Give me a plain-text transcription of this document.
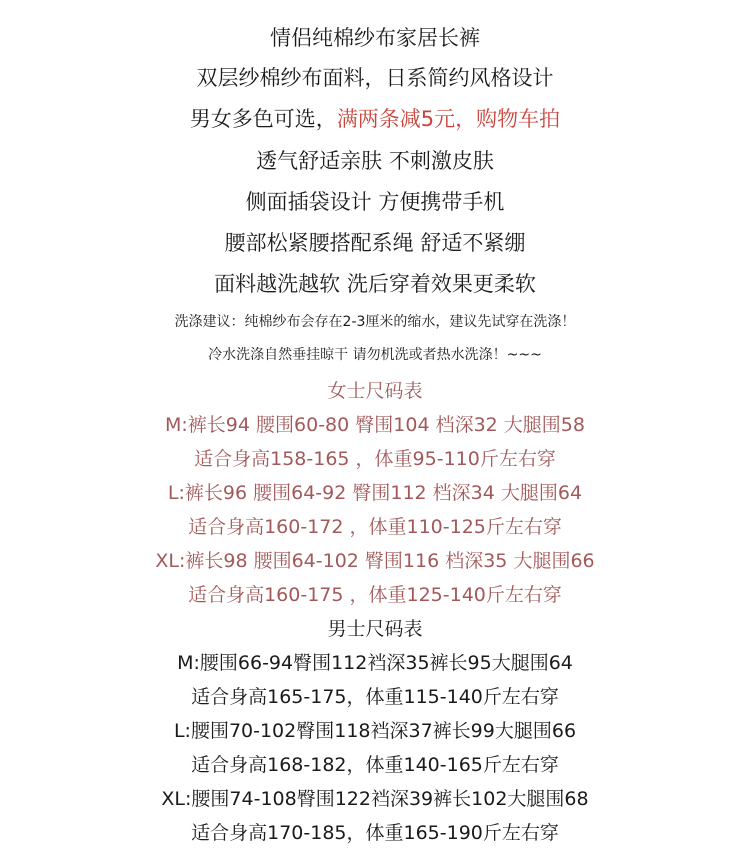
情侣纯棉纱布家居长裤
双层纱棉纱布面料，日系简约风格设计
男女多色可选，满两条减5元，购物车拍
透气舒适亲肤 不刺激皮肤
侧面插袋设计 方便携带手机
腰部松紧腰搭配系绳 舒适不紧绷
面料越洗越软 洗后穿着效果更柔软
洗涤建议：纯棉纱布会存在2-3厘米的缩水，建议先试穿在洗涤！
冷水洗涤自然垂挂晾干 请勿机洗或者热水洗涤！~~~
女士尺码表
M:裤长94 腰围60-80 臀围104 档深32 大腿围58
适合身高158-165 ，体重95-110斤左右穿
L:裤长96 腰围64-92 臀围112 档深34 大腿围64
适合身高160-172 ，体重110-125斤左右穿
XL:裤长98 腰围64-102 臀围116 档深35 大腿围66
适合身高160-175 ，体重125-140斤左右穿
男士尺码表
M:腰围66-94臀围112裆深35裤长95大腿围64
适合身高165-175，体重115-140斤左右穿
L:腰围70-102臀围118裆深37裤长99大腿围66
适合身高168-182，体重140-165斤左右穿
XL:腰围74-108臀围122裆深39裤长102大腿围68
适合身高170-185，体重165-190斤左右穿
